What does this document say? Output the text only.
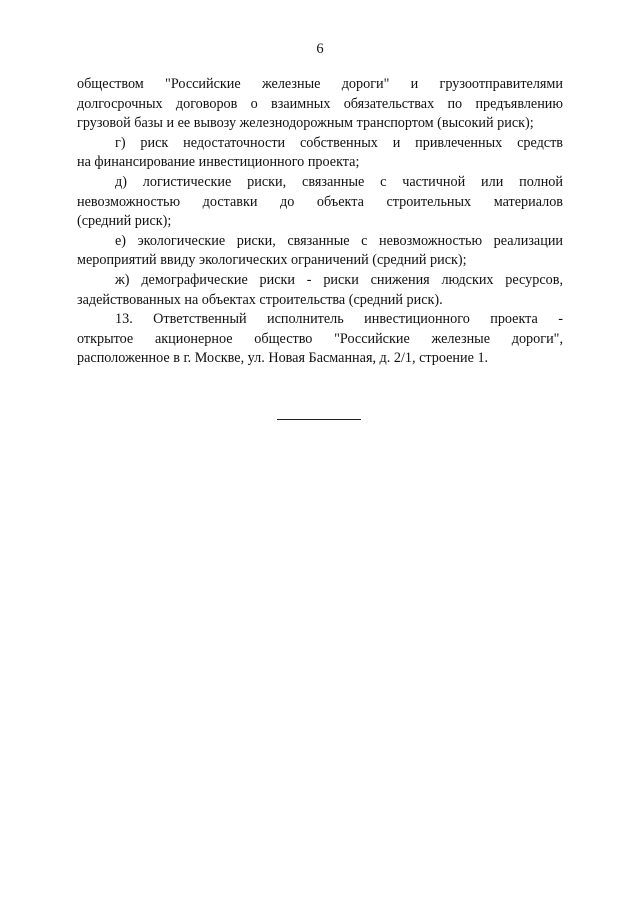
6
обществом "Российские железные дороги" и грузоотправителями
долгосрочных договоров о взаимных обязательствах по предъявлению
грузовой базы и ее вывозу железнодорожным транспортом (высокий риск);
г) риск недостаточности собственных и привлеченных средств
на финансирование инвестиционного проекта;
д) логистические риски, связанные с частичной или полной
невозможностью доставки до объекта строительных материалов
(средний риск);
е) экологические риски, связанные с невозможностью реализации
мероприятий ввиду экологических ограничений (средний риск);
ж) демографические риски - риски снижения людских ресурсов,
задействованных на объектах строительства (средний риск).
13. Ответственный исполнитель инвестиционного проекта -
открытое акционерное общество "Российские железные дороги",
расположенное в г. Москве, ул. Новая Басманная, д. 2/1, строение 1.
